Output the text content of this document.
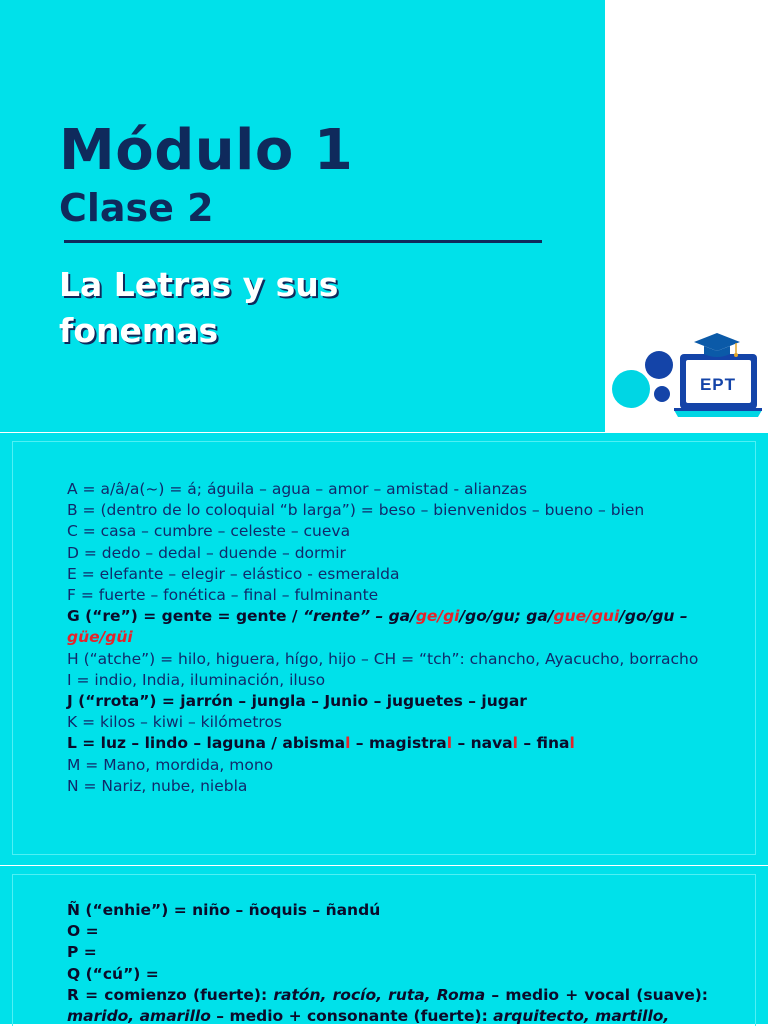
Módulo 1
Clase 2
La Letras y sus
fonemas
EPT
A = a/â/a(~) = á; águila – agua – amor – amistad - alianzas
B = (dentro de lo coloquial “b larga”) = beso – bienvenidos – bueno – bien
C = casa – cumbre – celeste – cueva
D = dedo – dedal – duende – dormir
E = elefante – elegir – elástico - esmeralda
F = fuerte – fonética – final – fulminante
G (“re”) = gente = gente / “rente” – ga/ge/gi/go/gu; ga/gue/gui/go/gu –
güe/güi
H (“atche”) = hilo, higuera, hígo, hijo – CH = “tch”: chancho, Ayacucho, borracho
I = indio, India, iluminación, iluso
J (“rrota”) = jarrón – jungla – Junio – juguetes – jugar
K = kilos – kiwi – kilómetros
L = luz – lindo – laguna / abismal – magistral – naval – final
M = Mano, mordida, mono
N = Nariz, nube, niebla
Ñ (“enhie”) = niño – ñoquis – ñandú
O =
P =
Q (“cú”) =
R = comienzo (fuerte): ratón, rocío, ruta, Roma – medio + vocal (suave): marido, amarillo – medio + consonante (fuerte): arquitecto, martillo,
